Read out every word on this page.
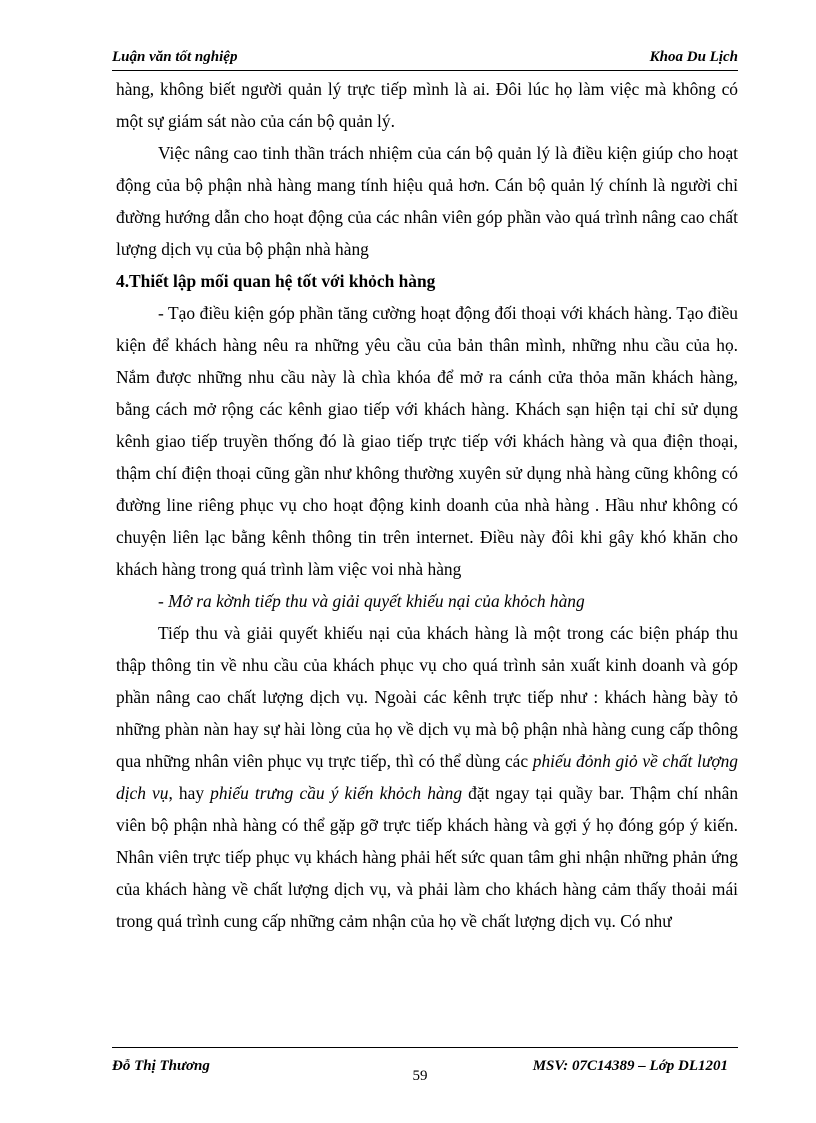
Luận văn tốt nghiệp	Khoa Du Lịch

hàng, không biết người quản lý trực tiếp mình là ai. Đôi lúc họ làm việc mà không có một sự giám sát nào của cán bộ quản lý.

Việc nâng cao tinh thần trách nhiệm của cán bộ quản lý là điều kiện giúp cho hoạt động của bộ phận nhà hàng mang tính hiệu quả hơn. Cán bộ quản lý chính là người chỉ đường hướng dẫn cho hoạt động của các nhân viên góp phần vào quá trình nâng cao chất lượng dịch vụ của bộ phận nhà hàng

4.Thiết lập mối quan hệ tốt với khỏch hàng

- Tạo điều kiện góp phần tăng cường hoạt động đối thoại với khách hàng. Tạo điều kiện để khách hàng nêu ra những yêu cầu của bản thân mình, những nhu cầu của họ. Nắm được những nhu cầu này là chìa khóa để mở ra cánh cửa thỏa mãn khách hàng, bằng cách mở rộng các kênh giao tiếp với khách hàng. Khách sạn hiện tại chỉ sử dụng kênh giao tiếp truyền thống đó là giao tiếp trực tiếp với khách hàng và qua điện thoại, thậm chí điện thoại cũng gần như không thường xuyên sử dụng nhà hàng cũng không có đường line riêng phục vụ cho hoạt động kinh doanh của nhà hàng . Hầu như không có chuyện liên lạc bằng kênh thông tin trên internet. Điều này đôi khi gây khó khăn cho khách hàng trong quá trình làm việc voi nhà hàng

- Mở ra kờnh tiếp thu và giải quyết khiếu nại của khỏch hàng

Tiếp thu và giải quyết khiếu nại của khách hàng là một trong các biện pháp thu thập thông tin về nhu cầu của khách phục vụ cho quá trình sản xuất kinh doanh và góp phần nâng cao chất lượng dịch vụ. Ngoài các kênh trực tiếp như : khách hàng bày tỏ những phàn nàn hay sự hài lòng của họ về dịch vụ mà bộ phận nhà hàng cung cấp thông qua những nhân viên phục vụ trực tiếp, thì có thể dùng các phiếu đỏnh giỏ về chất lượng dịch vụ, hay phiếu trưng cầu ý kiến khỏch hàng đặt ngay tại quầy bar. Thậm chí nhân viên bộ phận nhà hàng có thể gặp gỡ trực tiếp khách hàng và gợi ý họ đóng góp ý kiến. Nhân viên trực tiếp phục vụ khách hàng phải hết sức quan tâm ghi nhận những phản ứng của khách hàng về chất lượng dịch vụ, và phải làm cho khách hàng cảm thấy thoải mái trong quá trình cung cấp những cảm nhận của họ về chất lượng dịch vụ. Có như

Đỗ Thị Thương	MSV: 07C14389 – Lớp DL1201
59
